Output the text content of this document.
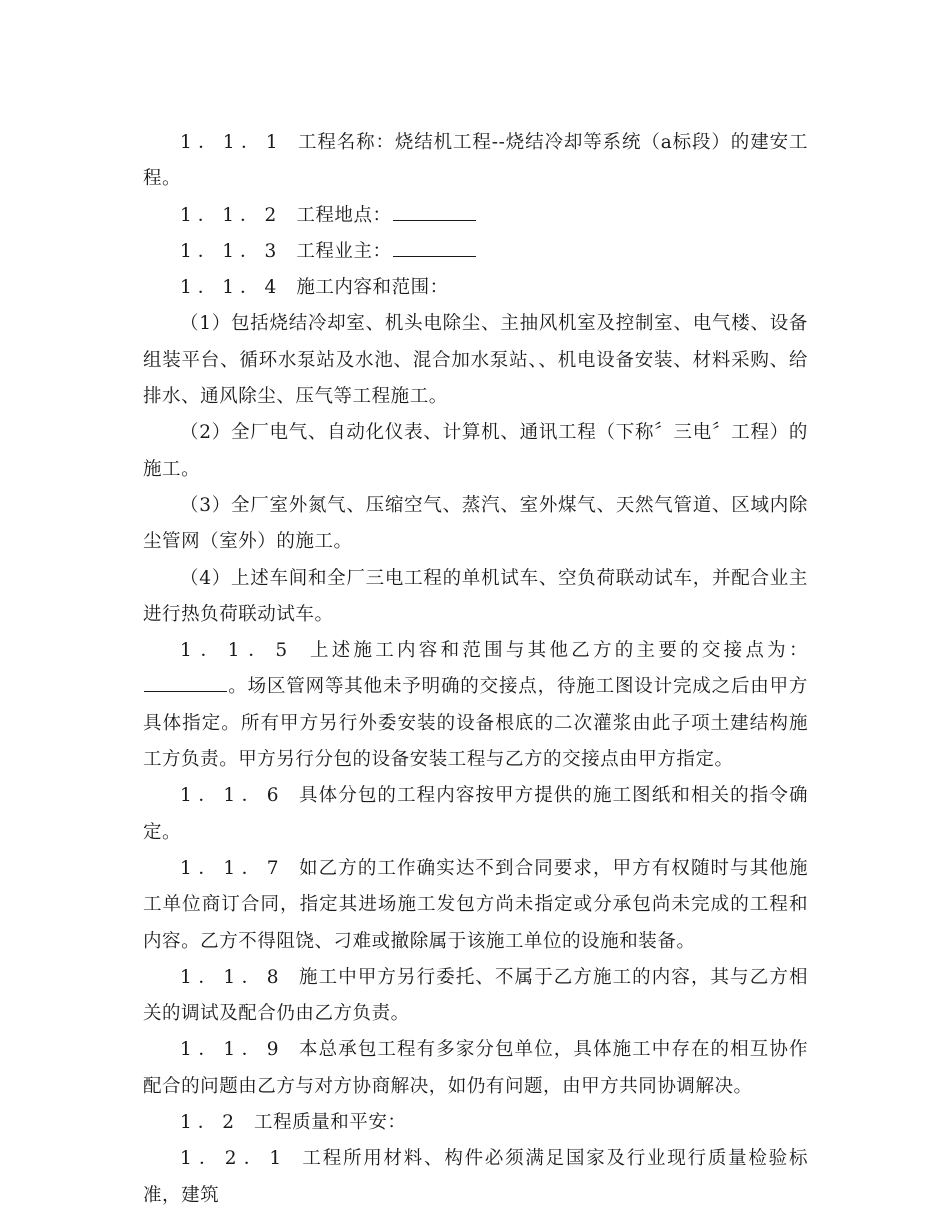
1．1．1 工程名称：烧结机工程--烧结冷却等系统（a标段）的建安工程。

1．1．2 工程地点：

1．1．3 工程业主：

1．1．4 施工内容和范围：

（1）包括烧结冷却室、机头电除尘、主抽风机室及控制室、电气楼、设备组装平台、循环水泵站及水池、混合加水泵站、、机电设备安装、材料采购、给排水、通风除尘、压气等工程施工。

（2）全厂电气、自动化仪表、计算机、通讯工程（下称〞三电〞工程）的施工。

（3）全厂室外氮气、压缩空气、蒸汽、室外煤气、天然气管道、区域内除尘管网（室外）的施工。

（4）上述车间和全厂三电工程的单机试车、空负荷联动试车，并配合业主进行热负荷联动试车。

1．1．5 上述施工内容和范围与其他乙方的主要的交接点为：。场区管网等其他未予明确的交接点，待施工图设计完成之后由甲方具体指定。所有甲方另行外委安装的设备根底的二次灌浆由此子项土建结构施工方负责。甲方另行分包的设备安装工程与乙方的交接点由甲方指定。

1．1．6 具体分包的工程内容按甲方提供的施工图纸和相关的指令确定。

1．1．7 如乙方的工作确实达不到合同要求，甲方有权随时与其他施工单位商订合同，指定其进场施工发包方尚未指定或分承包尚未完成的工程和内容。乙方不得阻饶、刁难或撤除属于该施工单位的设施和装备。

1．1．8 施工中甲方另行委托、不属于乙方施工的内容，其与乙方相关的调试及配合仍由乙方负责。

1．1．9 本总承包工程有多家分包单位，具体施工中存在的相互协作配合的问题由乙方与对方协商解决，如仍有问题，由甲方共同协调解决。

1．2 工程质量和平安：

1．2．1 工程所用材料、构件必须满足国家及行业现行质量检验标准，建筑
